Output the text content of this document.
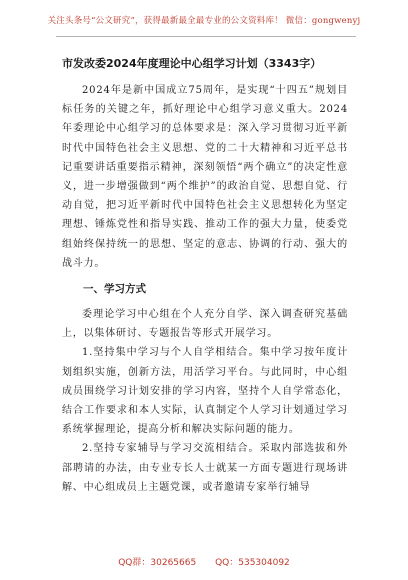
关注头条号“公文研究”，获得最新最全最专业的公文资料库！ 微信：gongwenyj
市发改委2024年度理论中心组学习计划（3343字）

2024年是新中国成立75周年，是实现“十四五”规划目标任务的关键之年，抓好理论中心组学习意义重大。2024年委理论中心组学习的总体要求是：深入学习贯彻习近平新时代中国特色社会主义思想、党的二十大精神和习近平总书记重要讲话重要指示精神，深刻领悟“两个确立”的决定性意义，进一步增强做到“两个维护”的政治自觉、思想自觉、行动自觉，把习近平新时代中国特色社会主义思想转化为坚定理想、锤炼党性和指导实践、推动工作的强大力量，使委党组始终保持统一的思想、坚定的意志、协调的行动、强大的战斗力。

一、学习方式

委理论学习中心组在个人充分自学、深入调查研究基础上，以集体研讨、专题报告等形式开展学习。

1.坚持集中学习与个人自学相结合。集中学习按年度计划组织实施，创新方法，用活学习平台。与此同时，中心组成员围绕学习计划安排的学习内容，坚持个人自学常态化，结合工作要求和本人实际，认真制定个人学习计划通过学习系统掌握理论，提高分析和解决实际问题的能力。

2.坚持专家辅导与学习交流相结合。采取内部选拔和外部聘请的办法，由专业专长人士就某一方面专题进行现场讲解、中心组成员上主题党课，或者邀请专家举行辅导

QQ群：30265665 QQ：535304092
